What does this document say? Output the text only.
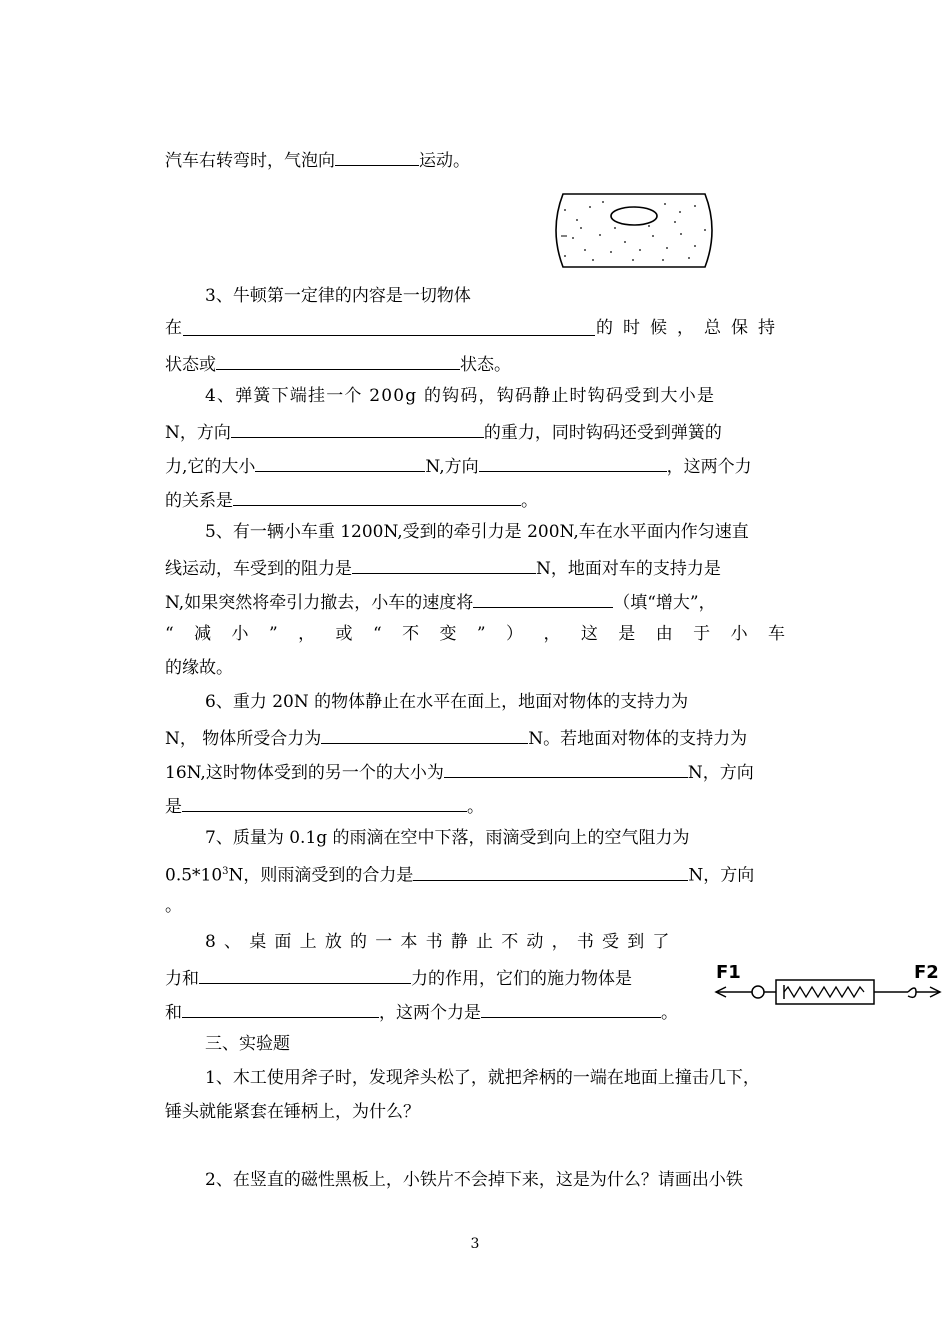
汽车右转弯时，气泡向	运动。
3、牛顿第一定律的内容是一切物体
在	的时候，总保持
状态或	状态。
4、弹簧下端挂一个 200g 的钩码，钩码静止时钩码受到大小是
N，方向	的重力，同时钩码还受到弹簧的
力,它的大小	N,方向	，这两个力
的关系是	。
5、有一辆小车重 1200N,受到的牵引力是 200N,车在水平面内作匀速直
线运动，车受到的阻力是	N，地面对车的支持力是
N,如果突然将牵引力撤去，小车的速度将	（填“增大”，
“ 减 小 ” ， 或 “ 不 变 ” ） ， 这 是 由 于 小 车
的缘故。
6、重力 20N 的物体静止在水平在面上，地面对物体的支持力为
N， 物体所受合力为	N。若地面对物体的支持力为
16N,这时物体受到的另一个的大小为	N，方向
是	。
7、质量为 0.1g 的雨滴在空中下落，雨滴受到向上的空气阻力为
$0.5*10^3N$，则雨滴受到的合力是	N，方向
。
8、桌面上放的一本书静止不动，书受到了
力和	力的作用，它们的施力物体是
和	，这两个力是	。
F1	F2
三、实验题
1、木工使用斧子时，发现斧头松了，就把斧柄的一端在地面上撞击几下，
锤头就能紧套在锤柄上，为什么？
2、在竖直的磁性黑板上，小铁片不会掉下来，这是为什么？请画出小铁
3
